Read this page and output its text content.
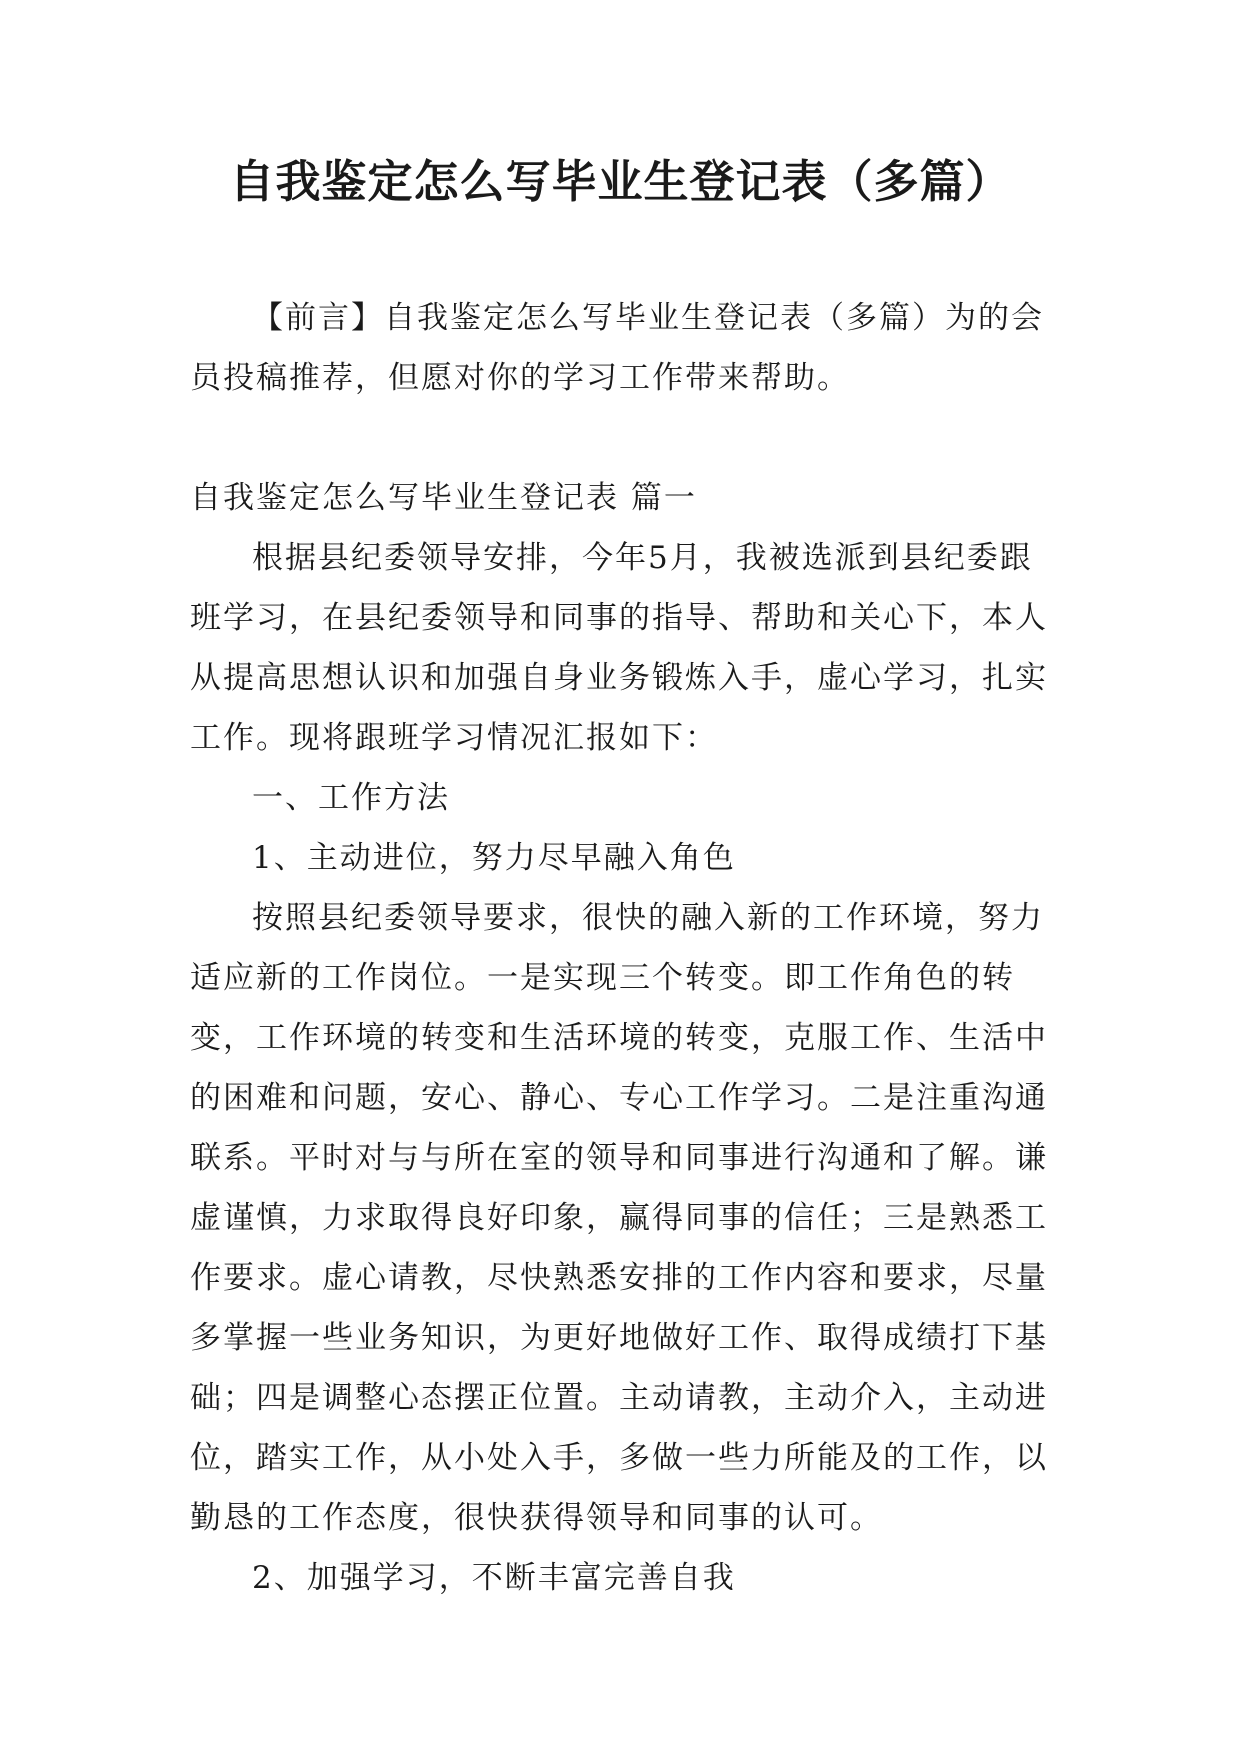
自我鉴定怎么写毕业生登记表（多篇）

【前言】自我鉴定怎么写毕业生登记表（多篇）为的会员投稿推荐，但愿对你的学习工作带来帮助。

自我鉴定怎么写毕业生登记表 篇一

根据县纪委领导安排，今年5月，我被选派到县纪委跟班学习，在县纪委领导和同事的指导、帮助和关心下，本人从提高思想认识和加强自身业务锻炼入手，虚心学习，扎实工作。现将跟班学习情况汇报如下：

一、工作方法

1、主动进位，努力尽早融入角色

按照县纪委领导要求，很快的融入新的工作环境，努力适应新的工作岗位。一是实现三个转变。即工作角色的转变，工作环境的转变和生活环境的转变，克服工作、生活中的困难和问题，安心、静心、专心工作学习。二是注重沟通联系。平时对与与所在室的领导和同事进行沟通和了解。谦虚谨慎，力求取得良好印象，赢得同事的信任；三是熟悉工作要求。虚心请教，尽快熟悉安排的工作内容和要求，尽量多掌握一些业务知识，为更好地做好工作、取得成绩打下基础；四是调整心态摆正位置。主动请教，主动介入，主动进位，踏实工作，从小处入手，多做一些力所能及的工作，以勤恳的工作态度，很快获得领导和同事的认可。

2、加强学习，不断丰富完善自我
